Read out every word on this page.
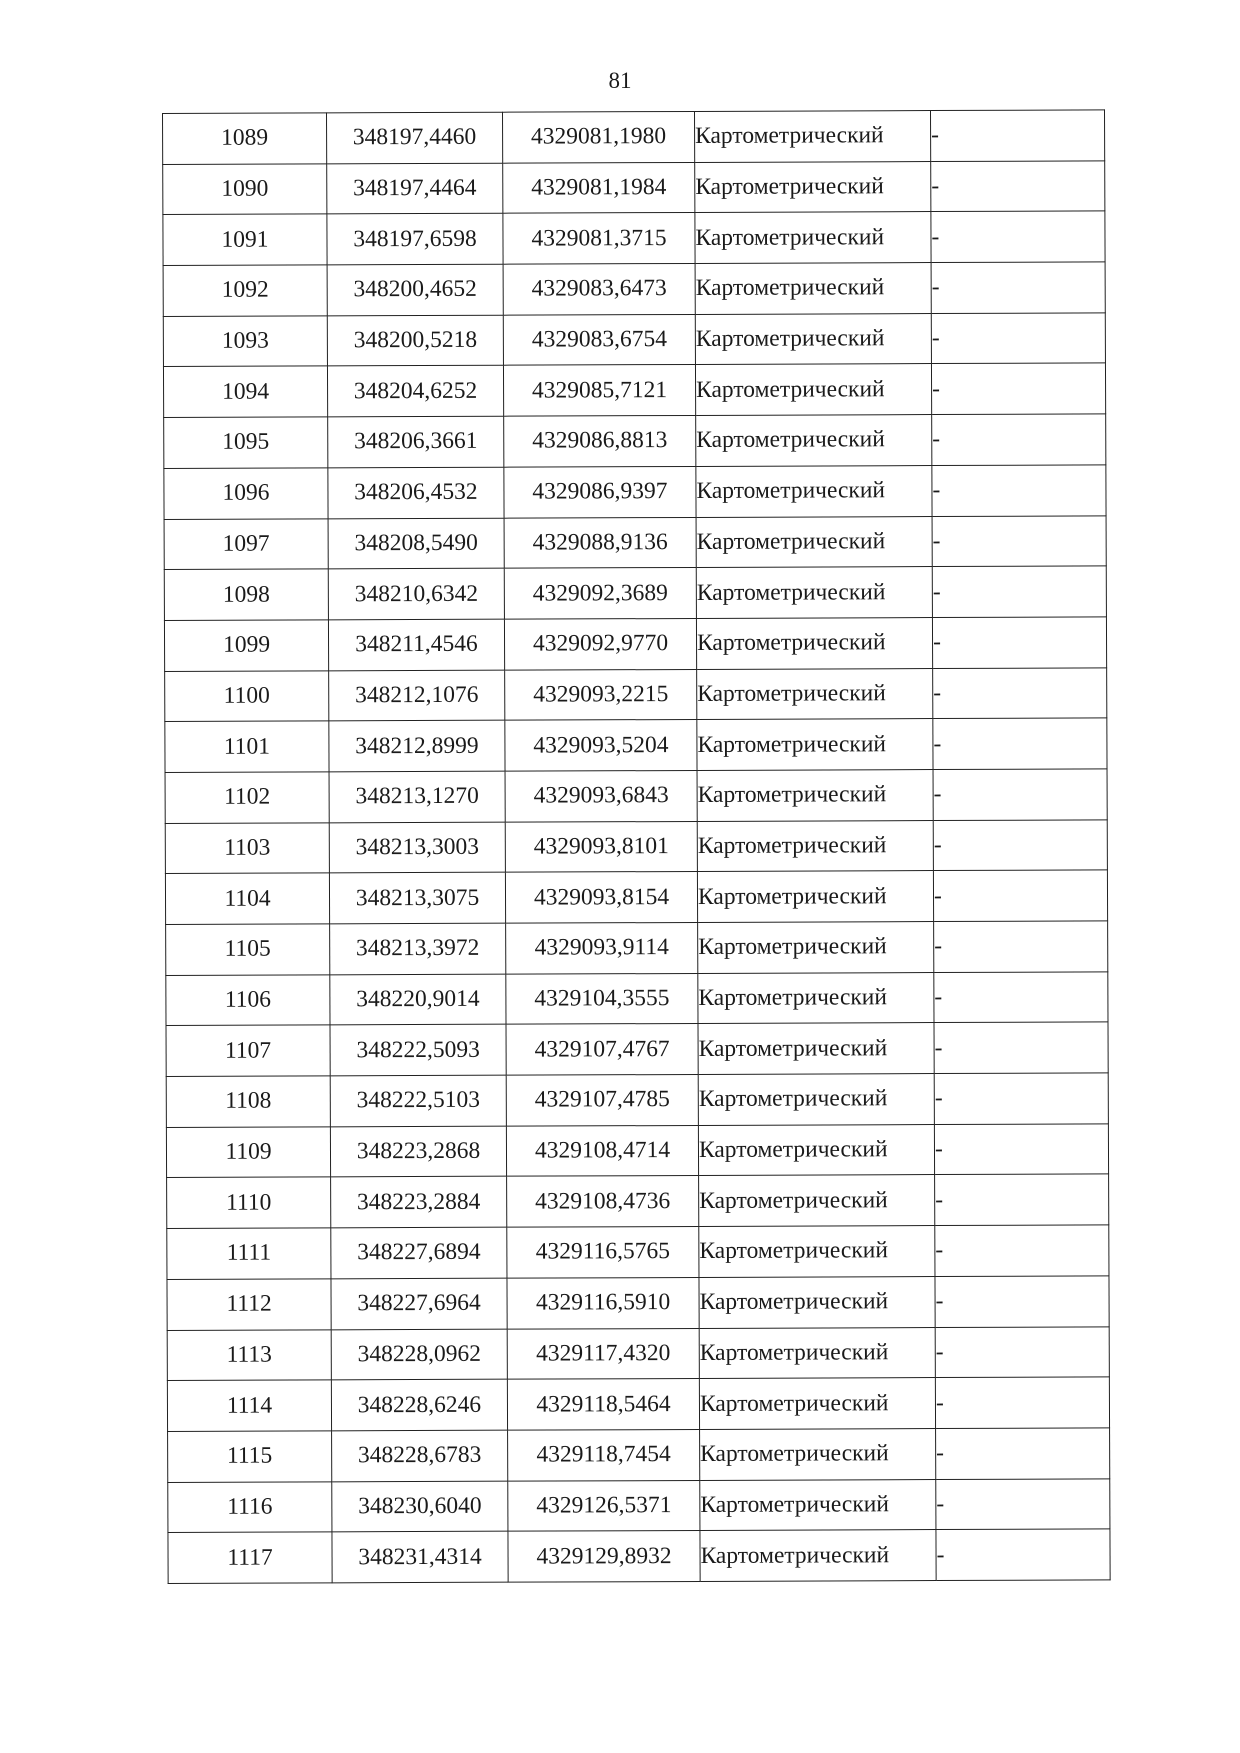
81
1089	348197,4460	4329081,1980	Картометрический	-
1090	348197,4464	4329081,1984	Картометрический	-
1091	348197,6598	4329081,3715	Картометрический	-
1092	348200,4652	4329083,6473	Картометрический	-
1093	348200,5218	4329083,6754	Картометрический	-
1094	348204,6252	4329085,7121	Картометрический	-
1095	348206,3661	4329086,8813	Картометрический	-
1096	348206,4532	4329086,9397	Картометрический	-
1097	348208,5490	4329088,9136	Картометрический	-
1098	348210,6342	4329092,3689	Картометрический	-
1099	348211,4546	4329092,9770	Картометрический	-
1100	348212,1076	4329093,2215	Картометрический	-
1101	348212,8999	4329093,5204	Картометрический	-
1102	348213,1270	4329093,6843	Картометрический	-
1103	348213,3003	4329093,8101	Картометрический	-
1104	348213,3075	4329093,8154	Картометрический	-
1105	348213,3972	4329093,9114	Картометрический	-
1106	348220,9014	4329104,3555	Картометрический	-
1107	348222,5093	4329107,4767	Картометрический	-
1108	348222,5103	4329107,4785	Картометрический	-
1109	348223,2868	4329108,4714	Картометрический	-
1110	348223,2884	4329108,4736	Картометрический	-
1111	348227,6894	4329116,5765	Картометрический	-
1112	348227,6964	4329116,5910	Картометрический	-
1113	348228,0962	4329117,4320	Картометрический	-
1114	348228,6246	4329118,5464	Картометрический	-
1115	348228,6783	4329118,7454	Картометрический	-
1116	348230,6040	4329126,5371	Картометрический	-
1117	348231,4314	4329129,8932	Картометрический	-
